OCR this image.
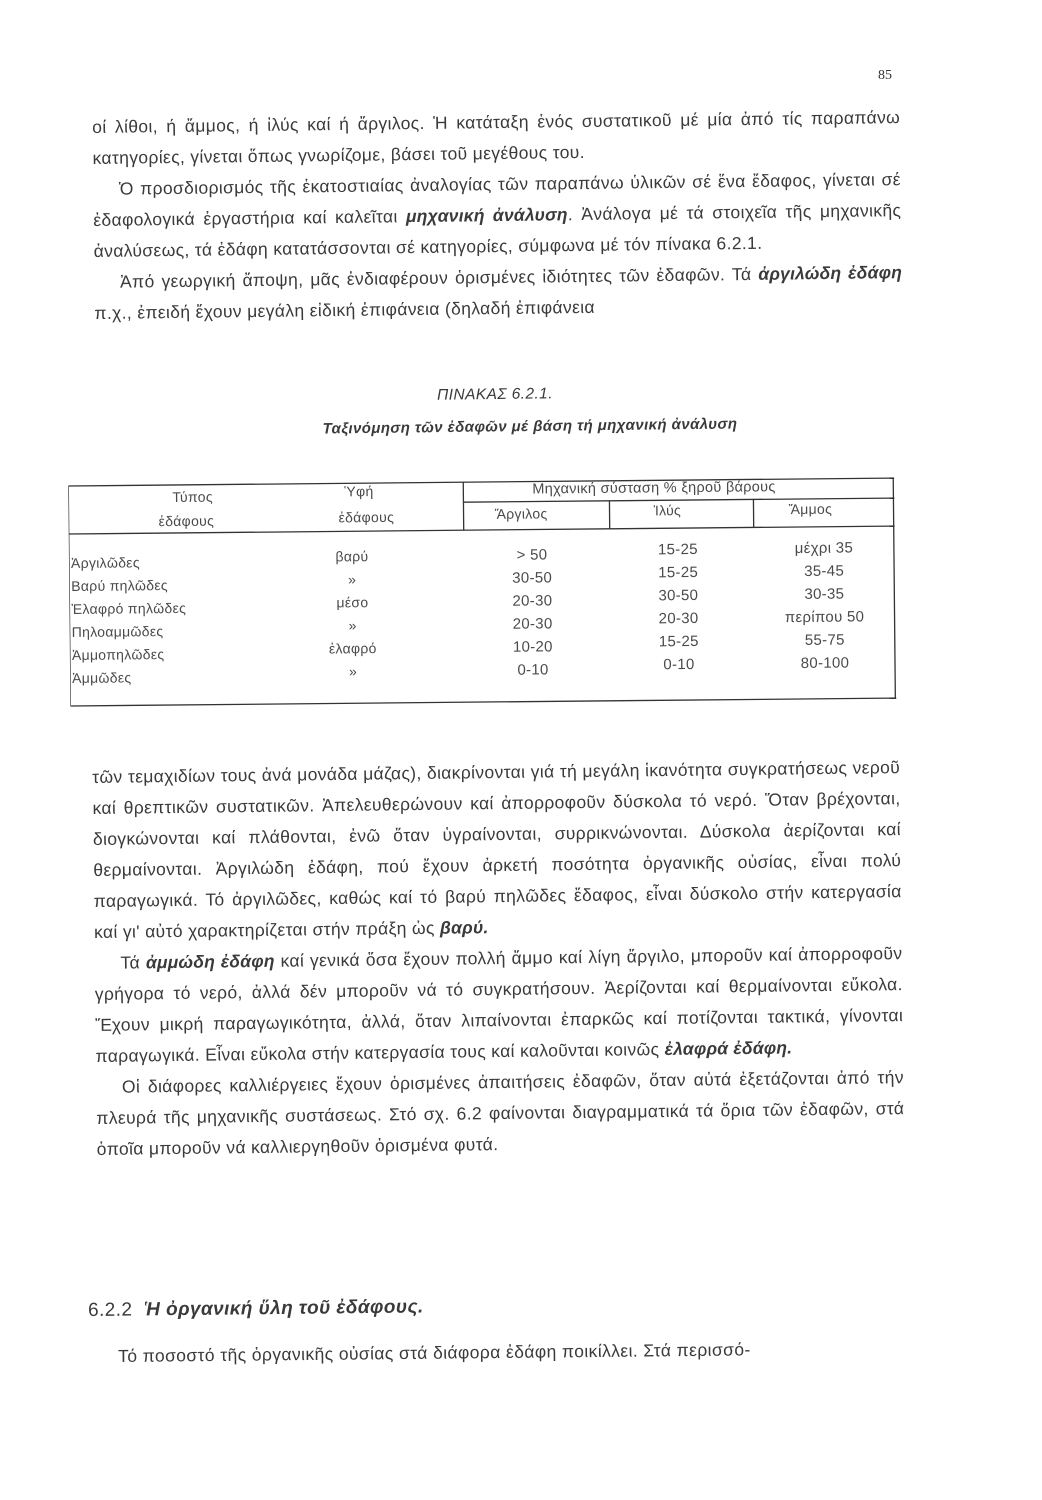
85

οί λίθοι, ή ἄμμος, ή ἰλύς καί ή ἄργιλος. Ἡ κατάταξη ἑνός συστατικοῦ μέ μία ἀπό τίς παραπάνω κατηγορίες, γίνεται ὅπως γνωρίζομε, βάσει τοῦ μεγέθους του.

Ὁ προσδιορισμός τῆς ἑκατοστιαίας ἀναλογίας τῶν παραπάνω ὑλικῶν σέ ἕνα ἔδαφος, γίνεται σέ ἐδαφολογικά ἐργαστήρια καί καλεῖται μηχανική ἀνάλυση. Ἀνάλογα μέ τά στοιχεῖα τῆς μηχανικῆς ἀναλύσεως, τά ἐδάφη κατατάσσονται σέ κατηγορίες, σύμφωνα μέ τόν πίνακα 6.2.1.

Ἀπό γεωργική ἄποψη, μᾶς ἐνδιαφέρουν ὁρισμένες ἰδιότητες τῶν ἐδαφῶν. Τά ἀργιλώδη ἐδάφη π.χ., ἐπειδή ἔχουν μεγάλη εἰδική ἐπιφάνεια (δηλαδή ἐπιφάνεια

ΠΙΝΑΚΑΣ 6.2.1.
Ταξινόμηση τῶν ἐδαφῶν μέ βάση τή μηχανική ἀνάλυση
Τύπος
ἐδάφους
Ὑφή
ἐδάφους
Μηχανική σύσταση % ξηροῦ βάρους
Ἄργιλος	Ἰλύς	Ἄμμος
Ἀργιλῶδες
Βαρύ πηλῶδες
Ἐλαφρό πηλῶδες
Πηλοαμμῶδες
Ἀμμοπηλῶδες
Ἀμμῶδες
βαρύ
»
μέσο
»
ἐλαφρό
»
> 50
30-50
20-30
20-30
10-20
0-10
15-25
15-25
30-50
20-30
15-25
0-10
μέχρι 35
35-45
30-35
περίπου 50
55-75
80-100

τῶν τεμαχιδίων τους ἀνά μονάδα μάζας), διακρίνονται γιά τή μεγάλη ἱκανότητα συγκρατήσεως νεροῦ καί θρεπτικῶν συστατικῶν. Ἀπελευθερώνουν καί ἀπορροφοῦν δύσκολα τό νερό. Ὅταν βρέχονται, διογκώνονται καί πλάθονται, ἐνῶ ὅταν ὑγραίνονται, συρρικνώνονται. Δύσκολα ἀερίζονται καί θερμαίνονται. Ἀργιλώδη ἐδάφη, πού ἔχουν ἀρκετή ποσότητα ὀργανικῆς οὐσίας, εἶναι πολύ παραγωγικά. Τό ἀργιλῶδες, καθώς καί τό βαρύ πηλῶδες ἔδαφος, εἶναι δύσκολο στήν κατεργασία καί γι' αὐτό χαρακτηρίζεται στήν πράξη ὡς βαρύ.

Τά ἀμμώδη ἐδάφη καί γενικά ὅσα ἔχουν πολλή ἄμμο καί λίγη ἄργιλο, μποροῦν καί ἀπορροφοῦν γρήγορα τό νερό, ἀλλά δέν μποροῦν νά τό συγκρατήσουν. Ἀερίζονται καί θερμαίνονται εὔκολα. Ἔχουν μικρή παραγωγικότητα, ἀλλά, ὅταν λιπαίνονται ἐπαρκῶς καί ποτίζονται τακτικά, γίνονται παραγωγικά. Εἶναι εὔκολα στήν κατεργασία τους καί καλοῦνται κοινῶς ἐλαφρά ἐδάφη.

Οἱ διάφορες καλλιέργειες ἔχουν ὁρισμένες ἀπαιτήσεις ἐδαφῶν, ὅταν αὐτά ἐξετάζονται ἀπό τήν πλευρά τῆς μηχανικῆς συστάσεως. Στό σχ. 6.2 φαίνονται διαγραμματικά τά ὅρια τῶν ἐδαφῶν, στά ὁποῖα μποροῦν νά καλλιεργηθοῦν ὁρισμένα φυτά.

6.2.2 Ἡ ὀργανική ὕλη τοῦ ἐδάφους.
Τό ποσοστό τῆς ὀργανικῆς οὐσίας στά διάφορα ἐδάφη ποικίλλει. Στά περισσό-
